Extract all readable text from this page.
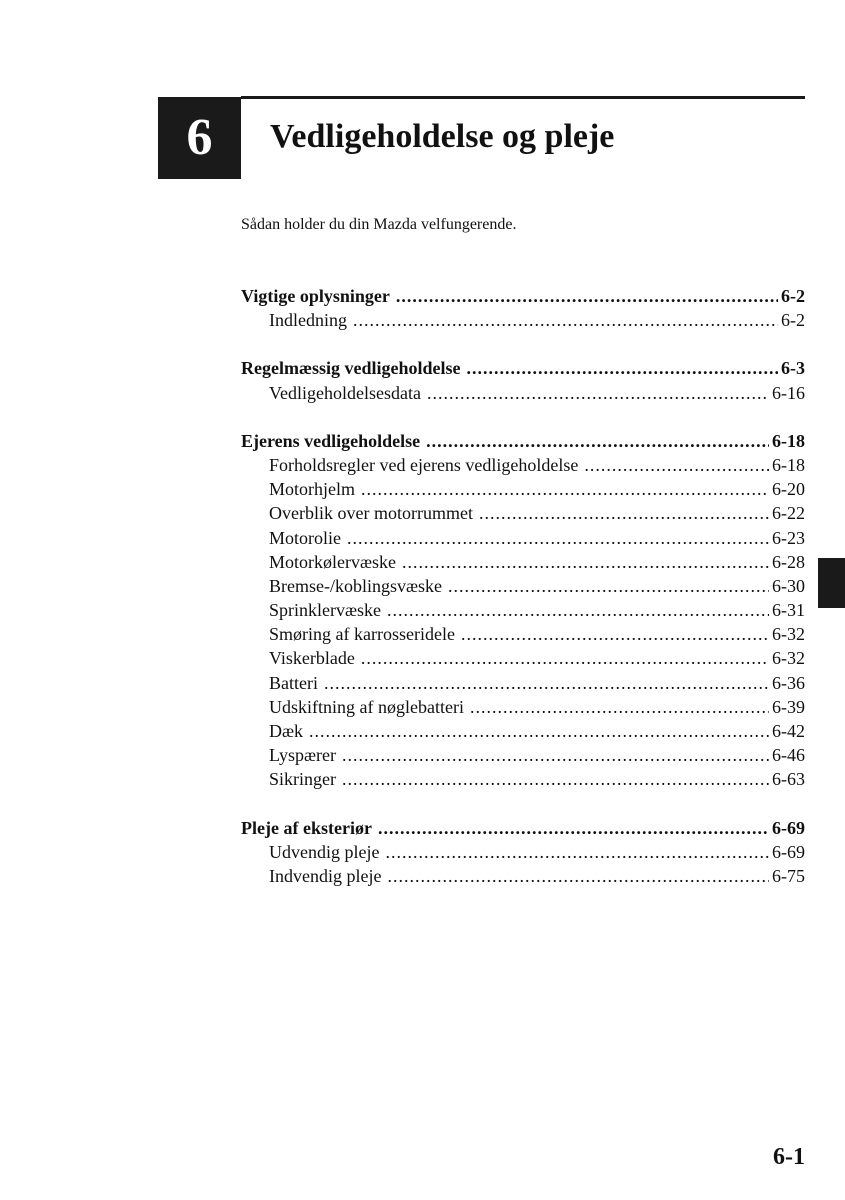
6 Vedligeholdelse og pleje
Sådan holder du din Mazda velfungerende.
Vigtige oplysninger .....	6-2
Indledning .....	6-2
Regelmæssig vedligeholdelse .....	6-3
Vedligeholdelsesdata .....	6-16
Ejerens vedligeholdelse .....	6-18
Forholdsregler ved ejerens vedligeholdelse .....	6-18
Motorhjelm .....	6-20
Overblik over motorrummet .....	6-22
Motorolie .....	6-23
Motorkølervæske .....	6-28
Bremse-/koblingsvæske .....	6-30
Sprinklervæske .....	6-31
Smøring af karrosseridele .....	6-32
Viskerblade .....	6-32
Batteri .....	6-36
Udskiftning af nøglebatteri .....	6-39
Dæk .....	6-42
Lyspærer .....	6-46
Sikringer .....	6-63
Pleje af eksteriør .....	6-69
Udvendig pleje .....	6-69
Indvendig pleje .....	6-75
6-1
